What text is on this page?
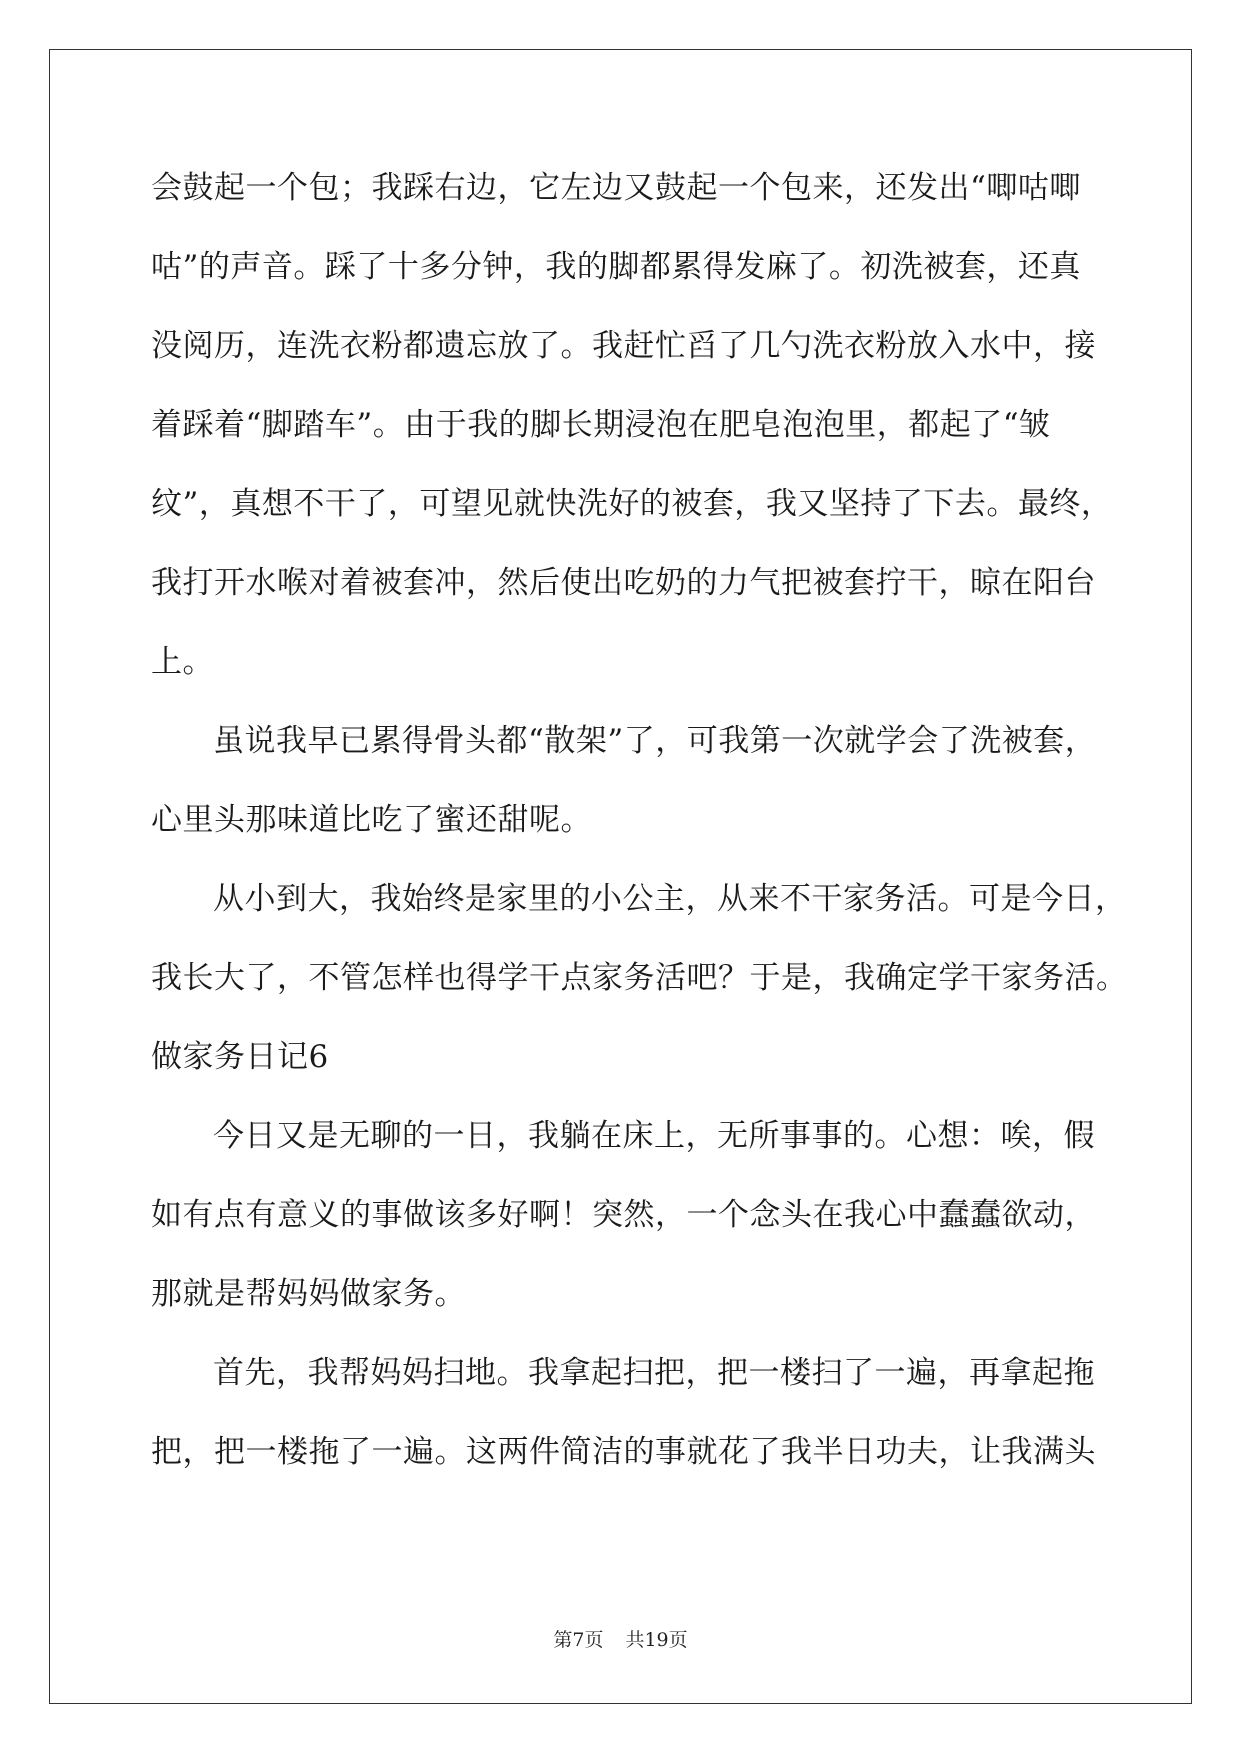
会鼓起一个包；我踩右边，它左边又鼓起一个包来，还发出“唧咕唧
咕”的声音。踩了十多分钟，我的脚都累得发麻了。初洗被套，还真
没阅历，连洗衣粉都遗忘放了。我赶忙舀了几勺洗衣粉放入水中，接
着踩着“脚踏车”。由于我的脚长期浸泡在肥皂泡泡里，都起了“皱
纹”，真想不干了，可望见就快洗好的被套，我又坚持了下去。最终，
我打开水喉对着被套冲，然后使出吃奶的力气把被套拧干，晾在阳台
上。
虽说我早已累得骨头都“散架”了，可我第一次就学会了洗被套，
心里头那味道比吃了蜜还甜呢。
从小到大，我始终是家里的小公主，从来不干家务活。可是今日，
我长大了，不管怎样也得学干点家务活吧？于是，我确定学干家务活。
做家务日记6
今日又是无聊的一日，我躺在床上，无所事事的。心想：唉，假
如有点有意义的事做该多好啊！突然，一个念头在我心中蠢蠢欲动，
那就是帮妈妈做家务。
首先，我帮妈妈扫地。我拿起扫把，把一楼扫了一遍，再拿起拖
把，把一楼拖了一遍。这两件简洁的事就花了我半日功夫，让我满头
第7页 共19页
